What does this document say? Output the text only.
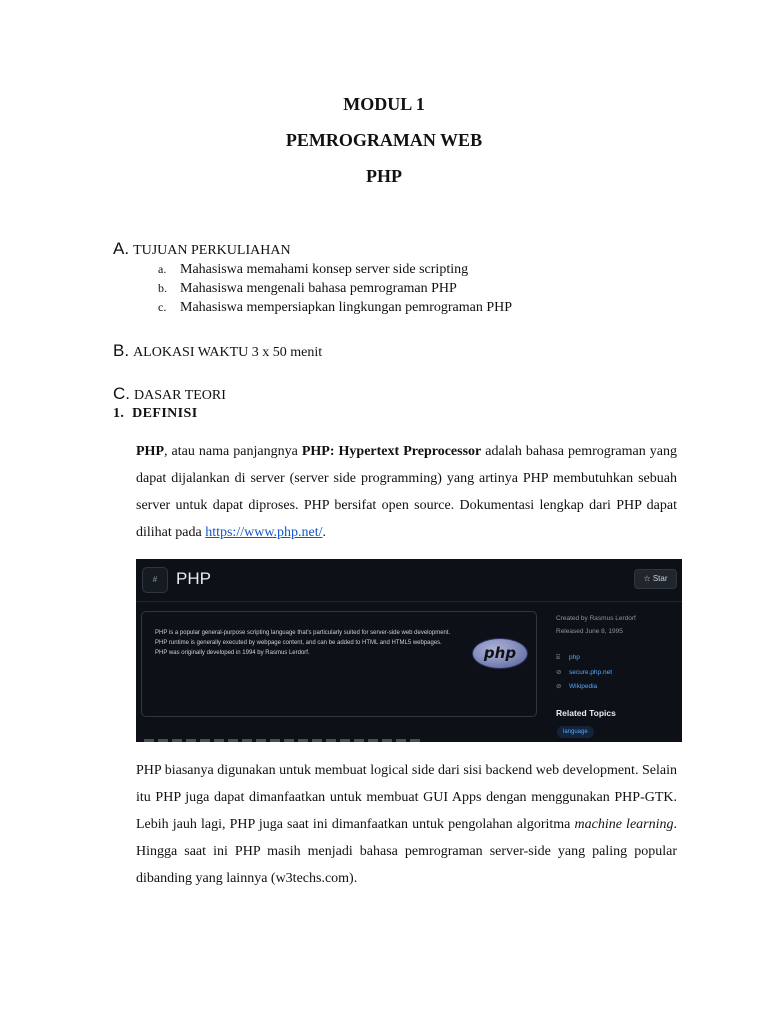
MODUL 1
PEMROGRAMAN WEB
PHP
A. TUJUAN PERKULIAHAN
a. Mahasiswa memahami konsep server side scripting
b. Mahasiswa mengenali bahasa pemrograman PHP
c. Mahasiswa mempersiapkan lingkungan pemrograman PHP
B. ALOKASI WAKTU 3 x 50 menit
C. DASAR TEORI
1. DEFINISI
PHP, atau nama panjangnya PHP: Hypertext Preprocessor adalah bahasa pemrograman yang dapat dijalankan di server (server side programming) yang artinya PHP membutuhkan sebuah server untuk dapat diproses. PHP bersifat open source. Dokumentasi lengkap dari PHP dapat dilihat pada https://www.php.net/.
#	PHP	☆ Star
PHP is a popular general-purpose scripting language that's particularly suited for server-side web development. PHP runtime is generally executed by webpage content, and can be added to HTML and HTML5 webpages. PHP was originally developed in 1994 by Rasmus Lerdorf.	php
Created by Rasmus Lerdorf
Released June 8, 1995
⌸ php
⊘ secure.php.net
⊘ Wikipedia
Related Topics
language
PHP biasanya digunakan untuk membuat logical side dari sisi backend web development. Selain itu PHP juga dapat dimanfaatkan untuk membuat GUI Apps dengan menggunakan PHP-GTK. Lebih jauh lagi, PHP juga saat ini dimanfaatkan untuk pengolahan algoritma machine learning. Hingga saat ini PHP masih menjadi bahasa pemrograman server-side yang paling popular dibanding yang lainnya (w3techs.com).
